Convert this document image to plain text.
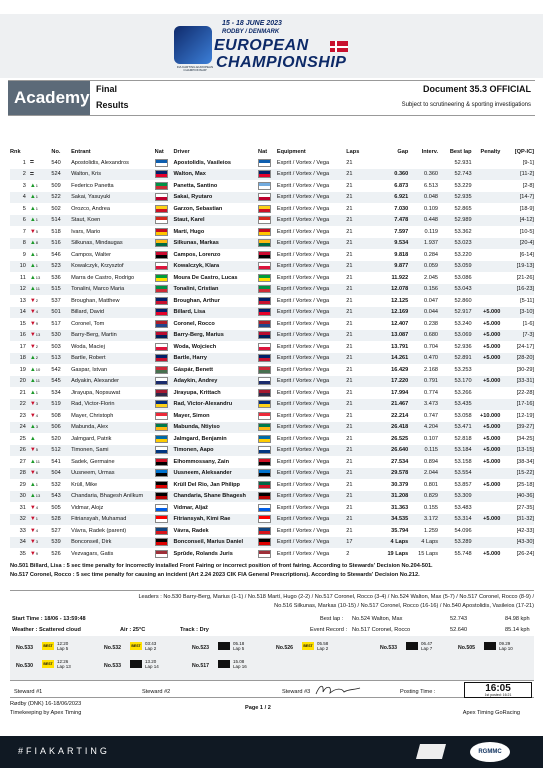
FIA KARTING EUROPEAN CHAMPIONSHIP
15 - 18 JUNE 2023
RODBY / DENMARK
EUROPEAN
CHAMPIONSHIP
Academy Final
Results
Document 35.3 OFFICIAL
Subject to scrutineering & sporting investigations
Rnk		No.	Entrant	Nat	Driver	Nat	Equipment	Laps	Gap	Interv.	Best lap	Penalty	[QP-IC]
1	=	540	Apostolidis, Alexandros		Apostolidis, Vasileios		Exprit / Vortex / Vega	21			52.931		[9-1]
2	=	524	Walton, Kris		Walton, Max		Exprit / Vortex / Vega	21	0.360	0.360	52.743		[11-2]
3	▲1	509	Federico Panetta		Panetta, Santino		Exprit / Vortex / Vega	21	6.873	6.513	53.229		[2-8]
4	▲1	522	Sakai, Yasuyuki		Sakai, Ryutaro		Exprit / Vortex / Vega	21	6.921	0.048	52.935		[14-7]
5	▲1	502	Orozco, Andrea		Garzon, Sebastian		Exprit / Vortex / Vega	21	7.030	0.109	52.865		[18-9]
6	▲1	514	Staut, Koen		Staut, Karel		Exprit / Vortex / Vega	21	7.478	0.448	52.989		[4-12]
7	▼5	518	Ivars, Mario		Martí, Hugo		Exprit / Vortex / Vega	21	7.597	0.119	53.362		[10-5]
8	▲8	516	Silkunas, Mindaugas		Silkunas, Markas		Exprit / Vortex / Vega	21	9.534	1.937	53.023		[20-4]
9	▲1	546	Campos, Walter		Campos, Lorenzo		Exprit / Vortex / Vega	21	9.818	0.284	53.220		[6-14]
10	▲1	523	Kowalczyk, Krzysztof		Kowalczyk, Klara		Exprit / Vortex / Vega	21	9.877	0.059	53.059		[19-13]
11	▲13	536	Marra de Castro, Rodrigo		Moura De Castro, Lucas		Exprit / Vortex / Vega	21	11.922	2.045	53.086		[21-26]
12	▲11	515	Tonalini, Marco Maria		Tonalini, Cristian		Exprit / Vortex / Vega	21	12.078	0.156	53.043		[16-23]
13	▼2	537	Broughan, Matthew		Broughan, Arthur		Exprit / Vortex / Vega	21	12.125	0.047	52.860		[5-11]
14	▼4	501	Billard, David		Billard, Lisa		Exprit / Vortex / Vega	21	12.169	0.044	52.917	+5.000	[3-10]
15	▼9	517	Coronel, Tom		Coronel, Rocco		Exprit / Vortex / Vega	21	12.407	0.238	53.240	+5.000	[1-6]
16	▼13	530	Barry-Berg, Martin		Barry-Berg, Marius		Exprit / Vortex / Vega	21	13.087	0.680	53.069	+5.000	[7-3]
17	▼2	503	Woda, Maciej		Woda, Wojciech		Exprit / Vortex / Vega	21	13.791	0.704	52.936	+5.000	[24-17]
18	▲2	513	Bartle, Robert		Bartle, Harry		Exprit / Vortex / Vega	21	14.261	0.470	52.891	+5.000	[28-20]
19	▲10	542	Gaspar, Istvan		Gáspár, Benett		Exprit / Vortex / Vega	21	16.429	2.168	53.253		[30-29]
20	▲11	545	Adyakin, Alexander		Adaykin, Andrey		Exprit / Vortex / Vega	21	17.220	0.791	53.170	+5.000	[33-31]
21	▲1	534	Jirayupa, Nopsuwat		Jirayupa, Krittach		Exprit / Vortex / Vega	21	17.994	0.774	53.266		[22-28]
22	▼3	519	Rad, Victor-Florin		Rad, Victor-Alexandru		Exprit / Vortex / Vega	21	21.467	3.473	53.435		[17-16]
23	▼4	508	Mayer, Christoph		Mayer, Simon		Exprit / Vortex / Vega	21	22.214	0.747	53.058	+10.000	[12-19]
24	▲3	506	Mabunda, Alex		Mabunda, Ntiyiso		Exprit / Vortex / Vega	21	26.418	4.204	53.471	+5.000	[39-27]
25	▲	520	Jalmgard, Patrik		Jalmgard, Benjamin		Exprit / Vortex / Vega	21	26.525	0.107	52.818	+5.000	[34-25]
26	▼5	512	Timonen, Sami		Timonen, Aapo		Exprit / Vortex / Vega	21	26.640	0.115	53.184	+5.000	[13-15]
27	▲11	541	Sadek, Germaine		Elhommossany, Zain		Exprit / Vortex / Vega	21	27.534	0.894	53.158	+5.000	[38-34]
28	▼6	504	Uusneem, Urmas		Uusneem, Aleksander		Exprit / Vortex / Vega	21	29.578	2.044	53.554		[15-22]
29	▲1	532	Krüll, Mike		Krüll Del Rio, Jan Philipp		Exprit / Vortex / Vega	21	30.379	0.801	53.857	+5.000	[25-18]
30	▲13	543	Chandaria, Bhagesh Anilkum		Chandaria, Shane Bhagesh		Exprit / Vortex / Vega	21	31.208	0.829	53.309		[40-36]
31	▼4	505	Vidmar, Alojz		Vidmar, Aljaž		Exprit / Vortex / Vega	21	31.363	0.155	53.483		[27-35]
32	▼1	528	Fitriansyah, Muhamad		Fitriansyah, Kimi Rae		Exprit / Vortex / Vega	21	34.535	3.172	53.314	+5.000	[31-32]
33	▼4	527	Vávra, Radek (parent)		Vávra, Radek		Exprit / Vortex / Vega	21	35.794	1.259	54.096		[42-33]
34	▼3	539	Bonconseil, Dirk		Bonconseil, Marius Daniel		Exprit / Vortex / Vega	17	4 Laps	4 Laps	53.289		[43-30]
35	▼9	526	Vezvagars, Gatis		Sprūde, Rolands Juris		Exprit / Vortex / Vega	2	19 Laps	15 Laps	55.748	+5.000	[26-24]
No.501 Billard, Lisa : 5 sec time penalty for incorrectly installed Front Fairing or incorrect position of front fairing. According to Stewards' Decision No.204-501.
No.517 Coronel, Rocco : 5 sec time penalty for causing an incident (Art 2.24 2023 CIK FIA General Prescriptions). According to Stewards' Decision No.212.
Leaders : No.530 Barry-Berg, Marius (1-1) / No.518 Martí, Hugo (2-2) / No.517 Coronel, Rocco (3-4) / No.524 Walton, Max (5-7) / No.517 Coronel, Rocco (8-9) /
No.516 Silkunas, Markas (10-15) / No.517 Coronel, Rocco (16-16) / No.540 Apostolidis, Vasileios (17-21)
Start Time : 18/06 - 13:59:48	Best lap : No.524 Walton, Max	52.743	84.98 kph
Weather : Scattered cloud	Air : 25°C	Track : Dry	Event Record : No.517 Coronel, Rocco	52.640	85.14 kph
No.533	BEST 12:20
Lap 5	No.532	BEST 03:43
Lap 2	No.523
05.18
Lap 5	No.526	BEST 05.58
Lap 2	No.533
06.47
Lap 7	No.505
09.29
Lap 10
No.530	BEST 12:26
Lap 13	No.533
13.20
Lap 14	No.517
15.08
Lap 16
Steward #1	Steward #2	Steward #3	Posting Time :	16:05
1st posted: 16:21
Rødby (DNK) 16-18/06/2023
Timekeeping by Apex Timing
Page 1 / 2
Apex Timing GoRacing
#FIAKARTING	RGMMC
